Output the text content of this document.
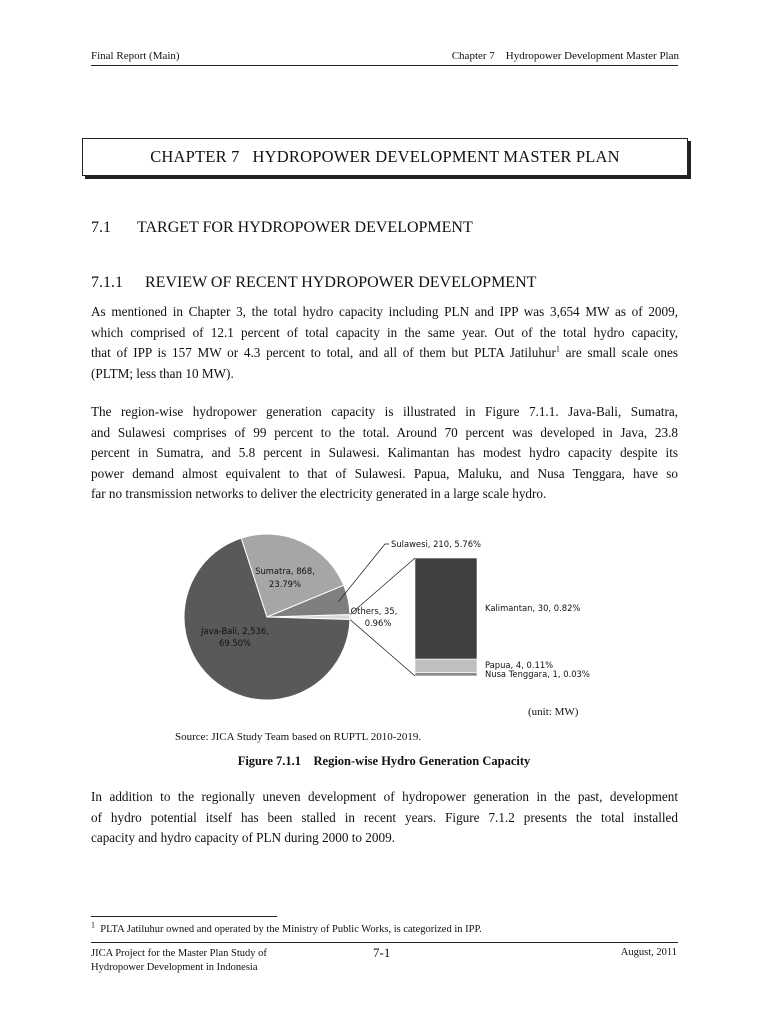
Final Report (Main)	Chapter 7    Hydropower Development Master Plan
CHAPTER 7   HYDROPOWER DEVELOPMENT MASTER PLAN
7.1 TARGET FOR HYDROPOWER DEVELOPMENT
7.1.1 REVIEW OF RECENT HYDROPOWER DEVELOPMENT
As mentioned in Chapter 3, the total hydro capacity including PLN and IPP was 3,654 MW as of 2009,
which comprised of 12.1 percent of total capacity in the same year. Out of the total hydro capacity,
that of IPP is 157 MW or 4.3 percent to total, and all of them but PLTA Jatiluhur$^1$ are small scale ones
(PLTM; less than 10 MW).
The region-wise hydropower generation capacity is illustrated in Figure 7.1.1. Java-Bali, Sumatra,
and Sulawesi comprises of 99 percent to the total. Around 70 percent was developed in Java, 23.8
percent in Sumatra, and 5.8 percent in Sulawesi. Kalimantan has modest hydro capacity despite its
power demand almost equivalent to that of Sulawesi. Papua, Maluku, and Nusa Tenggara, have so
far no transmission networks to deliver the electricity generated in a large scale hydro.
Sumatra, 868,
23.79%
Java-Bali, 2,536,
69.50%
Sulawesi, 210, 5.76%
Others, 35,
0.96%
Kalimantan, 30, 0.82%
Papua, 4, 0.11%
Nusa Tenggara, 1, 0.03%
(unit: MW)
Source: JICA Study Team based on RUPTL 2010-2019.
Figure 7.1.1    Region-wise Hydro Generation Capacity
In addition to the regionally uneven development of hydropower generation in the past, development
of hydro potential itself has been stalled in recent years. Figure 7.1.2 presents the total installed
capacity and hydro capacity of PLN during 2000 to 2009.
$^1$ PLTA Jatiluhur owned and operated by the Ministry of Public Works, is categorized in IPP.
JICA Project for the Master Plan Study of
Hydropower Development in Indonesia
7-1	August, 2011
